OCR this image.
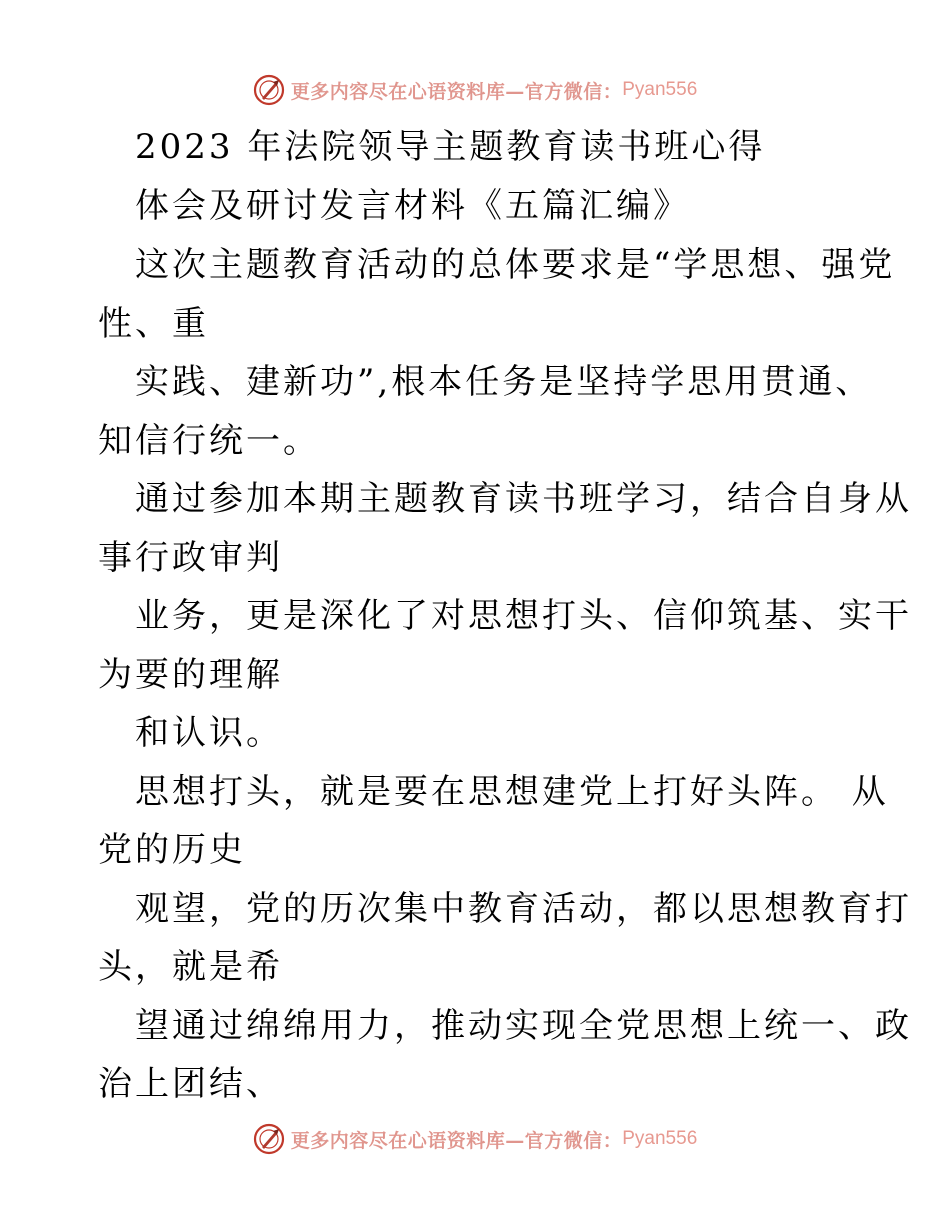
更多内容尽在心语资料库—官方微信： Pyan556
2023 年法院领导主题教育读书班心得
体会及研讨发言材料《五篇汇编》
这次主题教育活动的总体要求是“学思想、强党
性、重
实践、建新功”,根本任务是坚持学思用贯通、
知信行统一。
通过参加本期主题教育读书班学习，结合自身从
事行政审判
业务，更是深化了对思想打头、信仰筑基、实干
为要的理解
和认识。
思想打头，就是要在思想建党上打好头阵。 从
党的历史
观望，党的历次集中教育活动，都以思想教育打
头，就是希
望通过绵绵用力，推动实现全党思想上统一、政
治上团结、
更多内容尽在心语资料库—官方微信： Pyan556
